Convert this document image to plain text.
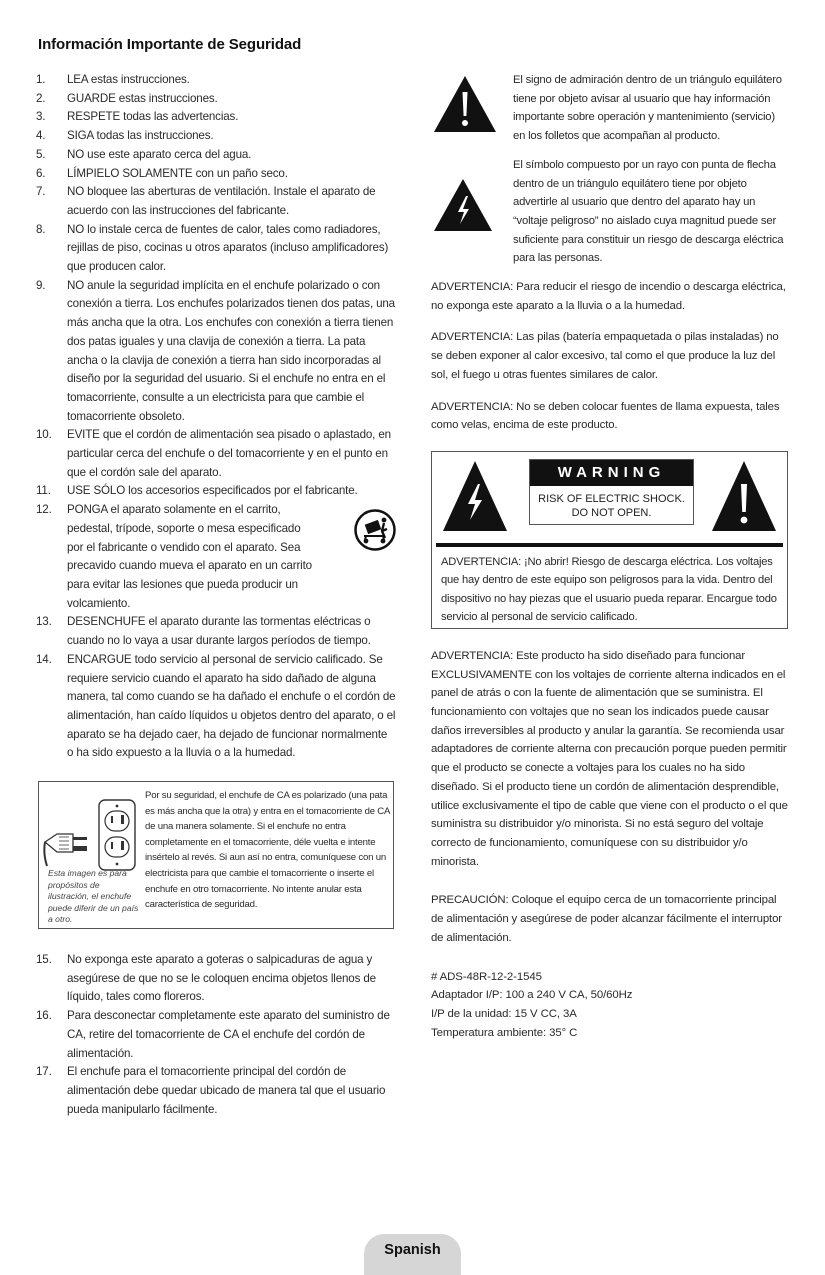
Información Importante de Seguridad
1. LEA estas instrucciones.
2. GUARDE estas instrucciones.
3. RESPETE todas las advertencias.
4. SIGA todas las instrucciones.
5. NO use este aparato cerca del agua.
6. LÍMPIELO SOLAMENTE con un paño seco.
7. NO bloquee las aberturas de ventilación. Instale el aparato de acuerdo con las instrucciones del fabricante.
8. NO lo instale cerca de fuentes de calor, tales como radiadores, rejillas de piso, cocinas u otros aparatos (incluso amplificadores) que producen calor.
9. NO anule la seguridad implícita en el enchufe polarizado o con conexión a tierra. Los enchufes polarizados tienen dos patas, una más ancha que la otra. Los enchufes con conexión a tierra tienen dos patas iguales y una clavija de conexión a tierra. La pata ancha o la clavija de conexión a tierra han sido incorporadas al diseño por la seguridad del usuario. Si el enchufe no entra en el tomacorriente, consulte a un electricista para que cambie el tomacorriente obsoleto.
10. EVITE que el cordón de alimentación sea pisado o aplastado, en particular cerca del enchufe o del tomacorriente y en el punto en que el cordón sale del aparato.
11. USE SÓLO los accesorios especificados por el fabricante.
12. PONGA el aparato solamente en el carrito, pedestal, trípode, soporte o mesa especificado por el fabricante o vendido con el aparato. Sea precavido cuando mueva el aparato en un carrito para evitar las lesiones que pueda producir un volcamiento.
13. DESENCHUFE el aparato durante las tormentas eléctricas o cuando no lo vaya a usar durante largos períodos de tiempo.
14. ENCARGUE todo servicio al personal de servicio calificado. Se requiere servicio cuando el aparato ha sido dañado de alguna manera, tal como cuando se ha dañado el enchufe o el cordón de alimentación, han caído líquidos u objetos dentro del aparato, o el aparato se ha dejado caer, ha dejado de funcionar normalmente o ha sido expuesto a la lluvia o a la humedad.
Esta imagen es para propósitos de ilustración, el enchufe puede diferir de un país a otro.
Por su seguridad, el enchufe de CA es polarizado (una pata es más ancha que la otra) y entra en el tomacorriente de CA de una manera solamente. Si el enchufe no entra completamente en el tomacorriente, déle vuelta e intente insértelo al revés. Si aun así no entra, comuníquese con un electricista para que cambie el tomacorriente o inserte el enchufe en otro tomacorriente. No intente anular esta característica de seguridad.
15. No exponga este aparato a goteras o salpicaduras de agua y asegúrese de que no se le coloquen encima objetos llenos de líquido, tales como floreros.
16. Para desconectar completamente este aparato del suministro de CA, retire del tomacorriente de CA el enchufe del cordón de alimentación.
17. El enchufe para el tomacorriente principal del cordón de alimentación debe quedar ubicado de manera tal que el usuario pueda manipularlo fácilmente.
El signo de admiración dentro de un triángulo equilátero tiene por objeto avisar al usuario que hay información importante sobre operación y mantenimiento (servicio) en los folletos que acompañan al producto.
El símbolo compuesto por un rayo con punta de flecha dentro de un triángulo equilátero tiene por objeto advertirle al usuario que dentro del aparato hay un “voltaje peligroso” no aislado cuya magnitud puede ser suficiente para constituir un riesgo de descarga eléctrica para las personas.

ADVERTENCIA: Para reducir el riesgo de incendio o descarga eléctrica, no exponga este aparato a la lluvia o a la humedad.

ADVERTENCIA: Las pilas (batería empaquetada o pilas instaladas) no se deben exponer al calor excesivo, tal como el que produce la luz del sol, el fuego u otras fuentes similares de calor.

ADVERTENCIA: No se deben colocar fuentes de llama expuesta, tales como velas, encima de este producto.

WARNING
RISK OF ELECTRIC SHOCK. DO NOT OPEN.
ADVERTENCIA: ¡No abrir! Riesgo de descarga eléctrica. Los voltajes que hay dentro de este equipo son peligrosos para la vida. Dentro del dispositivo no hay piezas que el usuario pueda reparar. Encargue todo servicio al personal de servicio calificado.

ADVERTENCIA: Este producto ha sido diseñado para funcionar EXCLUSIVAMENTE con los voltajes de corriente alterna indicados en el panel de atrás o con la fuente de alimentación que se suministra. El funcionamiento con voltajes que no sean los indicados puede causar daños irreversibles al producto y anular la garantía. Se recomienda usar adaptadores de corriente alterna con precaución porque pueden permitir que el producto se conecte a voltajes para los cuales no ha sido diseñado. Si el producto tiene un cordón de alimentación desprendible, utilice exclusivamente el tipo de cable que viene con el producto o el que suministra su distribuidor y/o minorista. Si no está seguro del voltaje correcto de funcionamiento, comuníquese con su distribuidor y/o minorista.

PRECAUCIÓN: Coloque el equipo cerca de un tomacorriente principal de alimentación y asegúrese de poder alcanzar fácilmente el interruptor de alimentación.

# ADS-48R-12-2-1545
Adaptador I/P: 100 a 240 V CA, 50/60Hz
I/P de la unidad: 15 V CC, 3A
Temperatura ambiente: 35° C
Spanish
